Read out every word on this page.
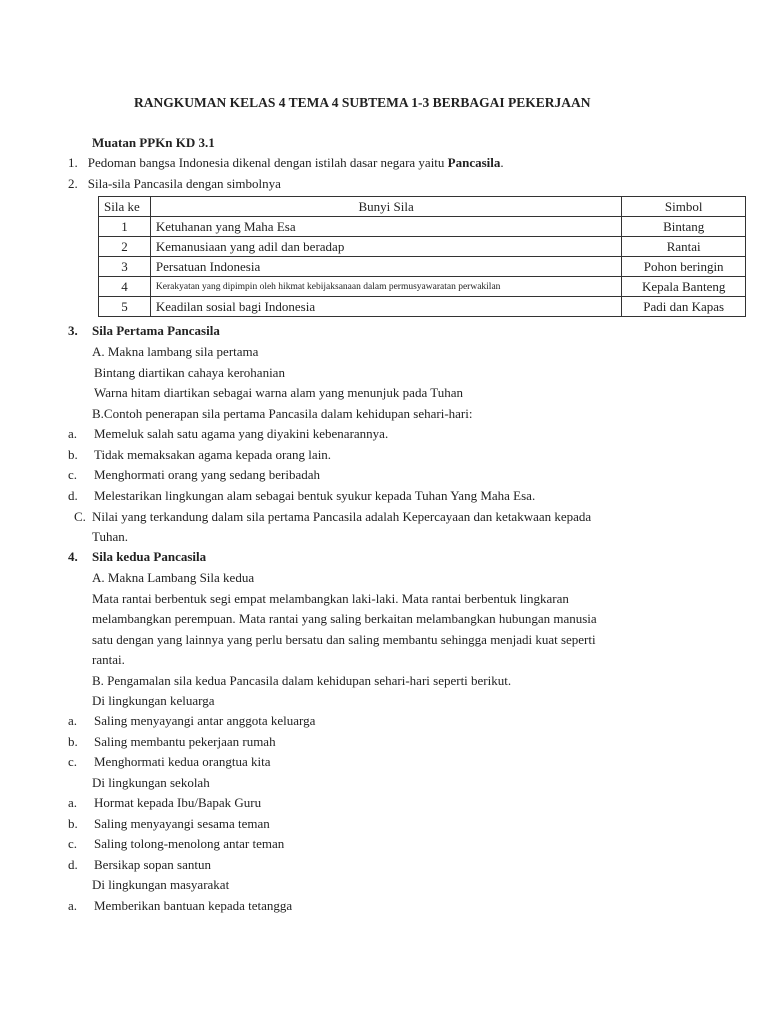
RANGKUMAN KELAS 4 TEMA 4 SUBTEMA 1-3 BERBAGAI PEKERJAAN
Muatan PPKn KD 3.1
1. Pedoman bangsa Indonesia dikenal dengan istilah dasar negara yaitu Pancasila.
2. Sila-sila Pancasila dengan simbolnya
Sila ke	Bunyi Sila	Simbol
1	Ketuhanan yang Maha Esa	Bintang
2	Kemanusiaan yang adil dan beradap	Rantai
3	Persatuan Indonesia	Pohon beringin
4	Kerakyatan yang dipimpin oleh hikmat kebijaksanaan dalam permusyawaratan perwakilan	Kepala Banteng
5	Keadilan sosial bagi Indonesia	Padi dan Kapas
3. Sila Pertama Pancasila
A. Makna lambang sila pertama
Bintang diartikan cahaya kerohanian
Warna hitam diartikan sebagai warna alam yang menunjuk pada Tuhan
B.Contoh penerapan sila pertama Pancasila dalam kehidupan sehari-hari:
a. Memeluk salah satu agama yang diyakini kebenarannya.
b. Tidak memaksakan agama kepada orang lain.
c. Menghormati orang yang sedang beribadah
d. Melestarikan lingkungan alam sebagai bentuk syukur kepada Tuhan Yang Maha Esa.
C. Nilai yang terkandung dalam sila pertama Pancasila adalah Kepercayaan dan ketakwaan kepada
Tuhan.
4. Sila kedua Pancasila
A. Makna Lambang Sila kedua
Mata rantai berbentuk segi empat melambangkan laki-laki. Mata rantai berbentuk lingkaran
melambangkan perempuan. Mata rantai yang saling berkaitan melambangkan hubungan manusia
satu dengan yang lainnya yang perlu bersatu dan saling membantu sehingga menjadi kuat seperti
rantai.
B. Pengamalan sila kedua Pancasila dalam kehidupan sehari-hari seperti berikut.
Di lingkungan keluarga
a. Saling menyayangi antar anggota keluarga
b. Saling membantu pekerjaan rumah
c. Menghormati kedua orangtua kita
Di lingkungan sekolah
a. Hormat kepada Ibu/Bapak Guru
b. Saling menyayangi sesama teman
c. Saling tolong-menolong antar teman
d. Bersikap sopan santun
Di lingkungan masyarakat
a. Memberikan bantuan kepada tetangga
